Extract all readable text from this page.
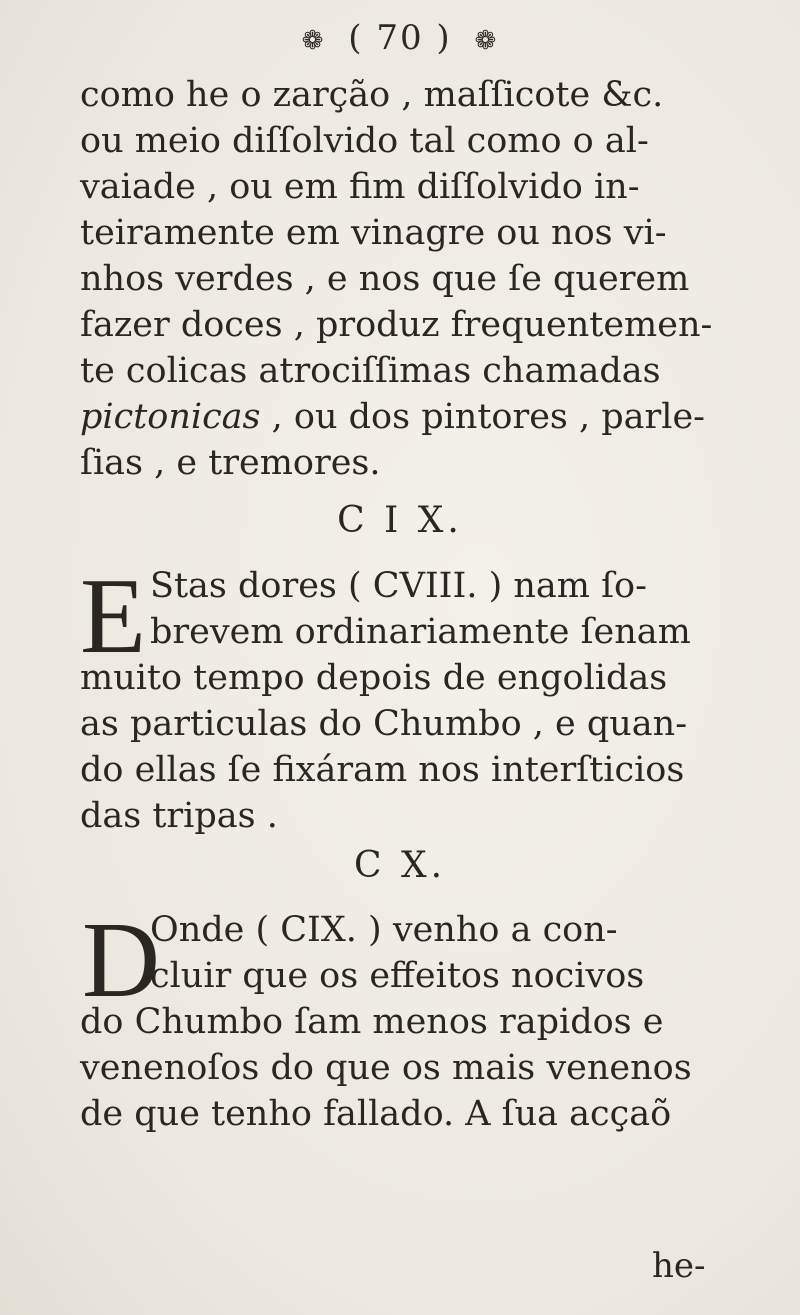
❁ ( 70 ) ❁
como he o zarção , maſſicote &c.
ou meio diſſolvido tal como o al-
vaiade , ou em fim diſſolvido in-
teiramente em vinagre ou nos vi-
nhos verdes , e nos que ſe querem
fazer doces , produz frequentemen-
te colicas atrociſſimas chamadas
pictonicas , ou dos pintores , parle-
ſias , e tremores.
C I X.
E Stas dores ( CVIII. ) nam ſo-
brevem ordinariamente ſenam
muito tempo depois de engolidas
as particulas do Chumbo , e quan-
do ellas ſe fixáram nos interſticios
das tripas .
C X.
D
Onde ( CIX. ) venho a con-
cluir que os effeitos nocivos
do Chumbo ſam menos rapidos e
venenoſos do que os mais venenos
de que tenho fallado. A ſua acçaõ
he-
